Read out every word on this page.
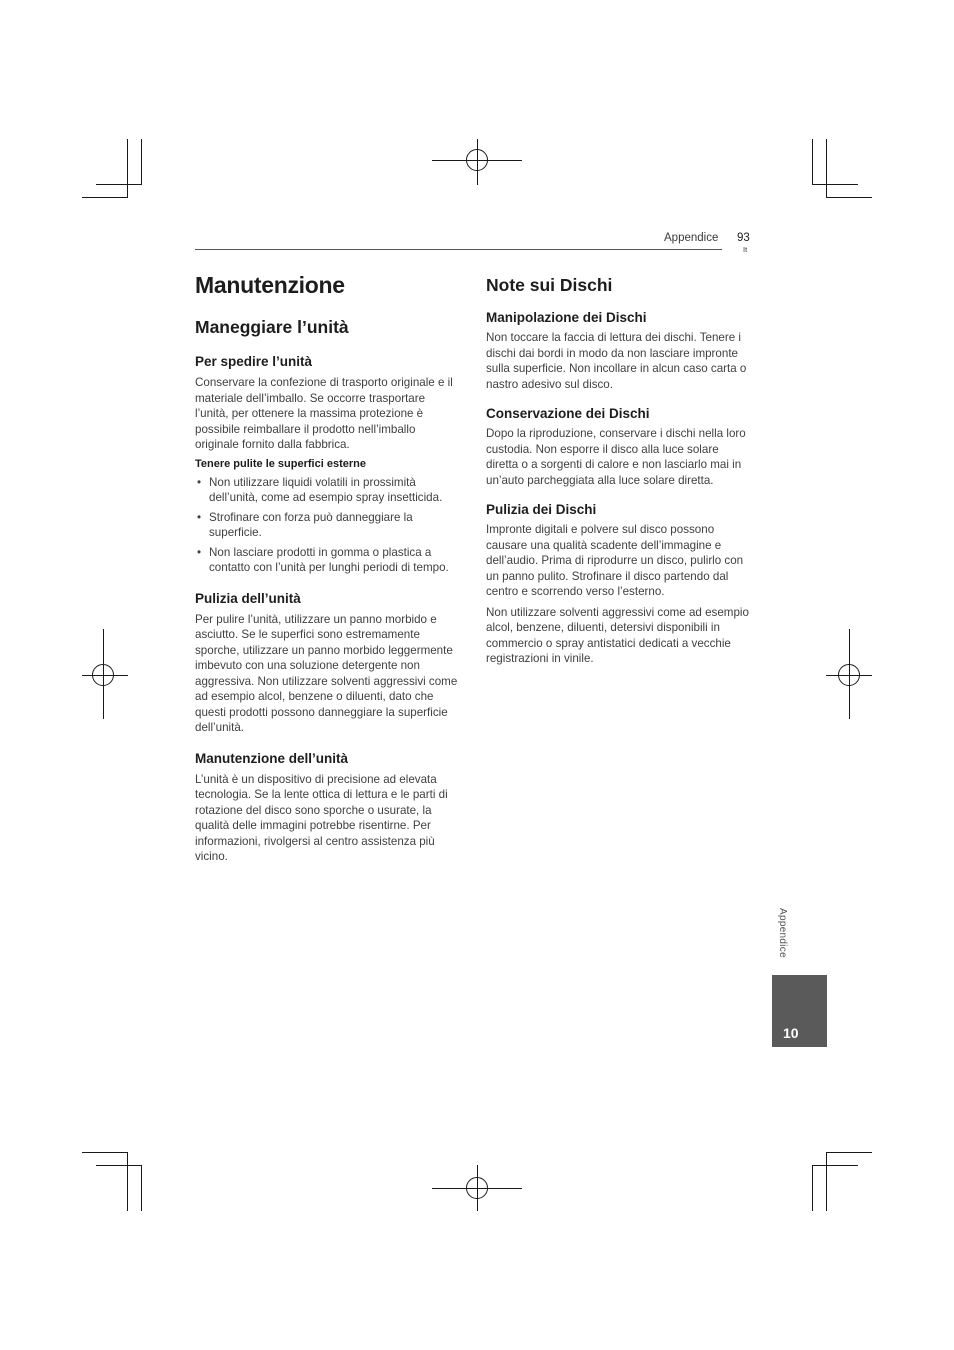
Appendice 93
It
Manutenzione
Maneggiare l’unità
Per spedire l’unità

Conservare la confezione di trasporto originale e il materiale dell’imballo. Se occorre trasportare l’unità, per ottenere la massima protezione è possibile reimballare il prodotto nell’imballo originale fornito dalla fabbrica.

Tenere pulite le superfici esterne
• Non utilizzare liquidi volatili in prossimità dell’unità, come ad esempio spray insetticida.
• Strofinare con forza può danneggiare la superficie.
• Non lasciare prodotti in gomma o plastica a contatto con l’unità per lunghi periodi di tempo.
Pulizia dell’unità

Per pulire l’unità, utilizzare un panno morbido e asciutto. Se le superfici sono estremamente sporche, utilizzare un panno morbido leggermente imbevuto con una soluzione detergente non aggressiva. Non utilizzare solventi aggressivi come ad esempio alcol, benzene o diluenti, dato che questi prodotti possono danneggiare la superficie dell’unità.

Manutenzione dell’unità

L’unità è un dispositivo di precisione ad elevata tecnologia. Se la lente ottica di lettura e le parti di rotazione del disco sono sporche o usurate, la qualità delle immagini potrebbe risentirne. Per informazioni, rivolgersi al centro assistenza più vicino.

Note sui Dischi
Manipolazione dei Dischi

Non toccare la faccia di lettura dei dischi. Tenere i dischi dai bordi in modo da non lasciare impronte sulla superficie. Non incollare in alcun caso carta o nastro adesivo sul disco.

Conservazione dei Dischi

Dopo la riproduzione, conservare i dischi nella loro custodia. Non esporre il disco alla luce solare diretta o a sorgenti di calore e non lasciarlo mai in un’auto parcheggiata alla luce solare diretta.

Pulizia dei Dischi

Impronte digitali e polvere sul disco possono causare una qualità scadente dell’immagine e dell’audio. Prima di riprodurre un disco, pulirlo con un panno pulito. Strofinare il disco partendo dal centro e scorrendo verso l’esterno.

Non utilizzare solventi aggressivi come ad esempio alcol, benzene, diluenti, detersivi disponibili in commercio o spray antistatici dedicati a vecchie registrazioni in vinile.

Appendice
10
